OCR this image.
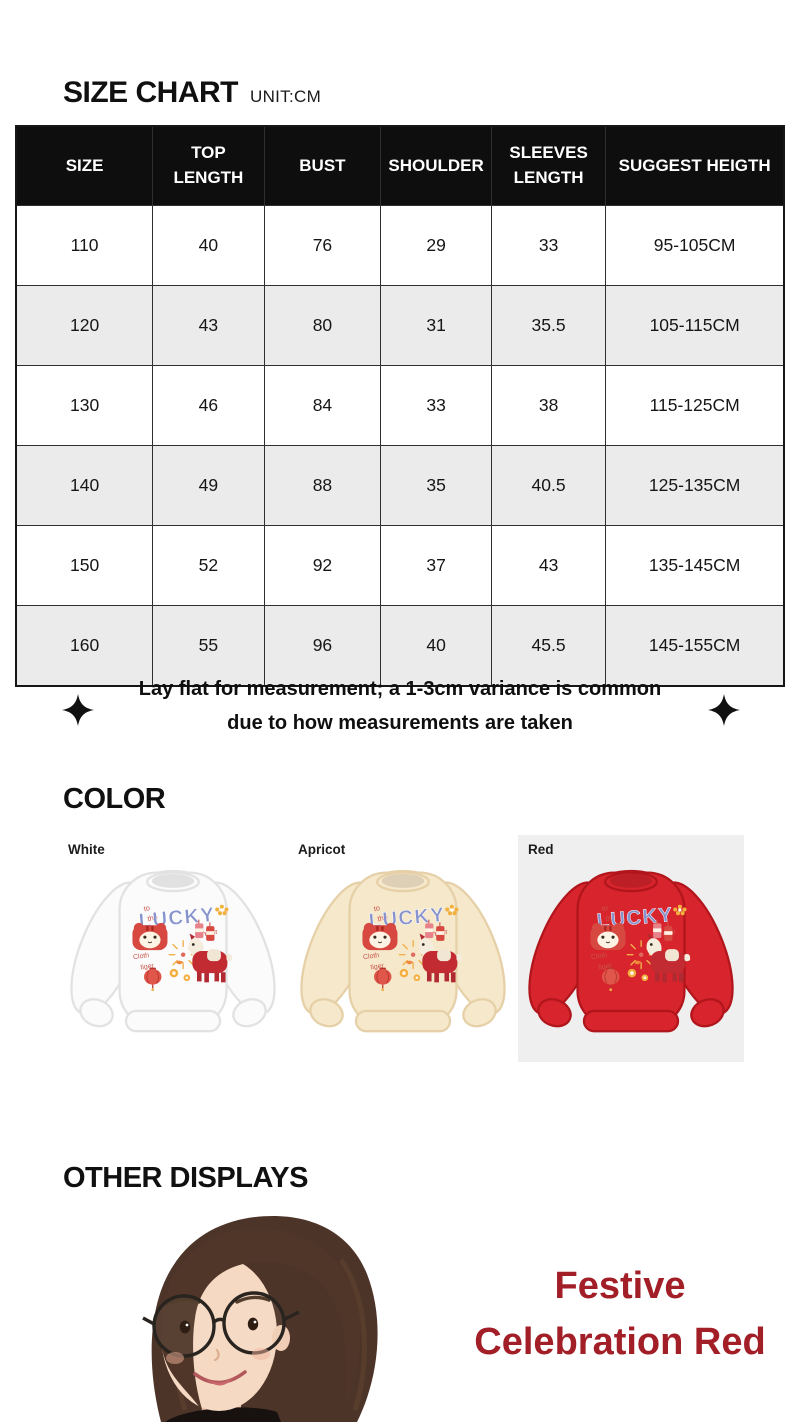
SIZE CHART UNIT:CM
SIZE	TOP LENGTH	BUST	SHOULDER	SLEEVES LENGTH	SUGGEST HEIGTH
110	40	76	29	33	95-105CM
120	43	80	31	35.5	105-115CM
130	46	84	33	38	115-125CM
140	49	88	35	40.5	125-135CM
150	52	92	37	43	135-145CM
160	55	96	40	45.5	145-155CM
Lay flat for measurement; a 1-3cm variance is common
due to how measurements are taken
COLOR
White	Apricot	Red
OTHER DISPLAYS
Festive
Celebration Red
